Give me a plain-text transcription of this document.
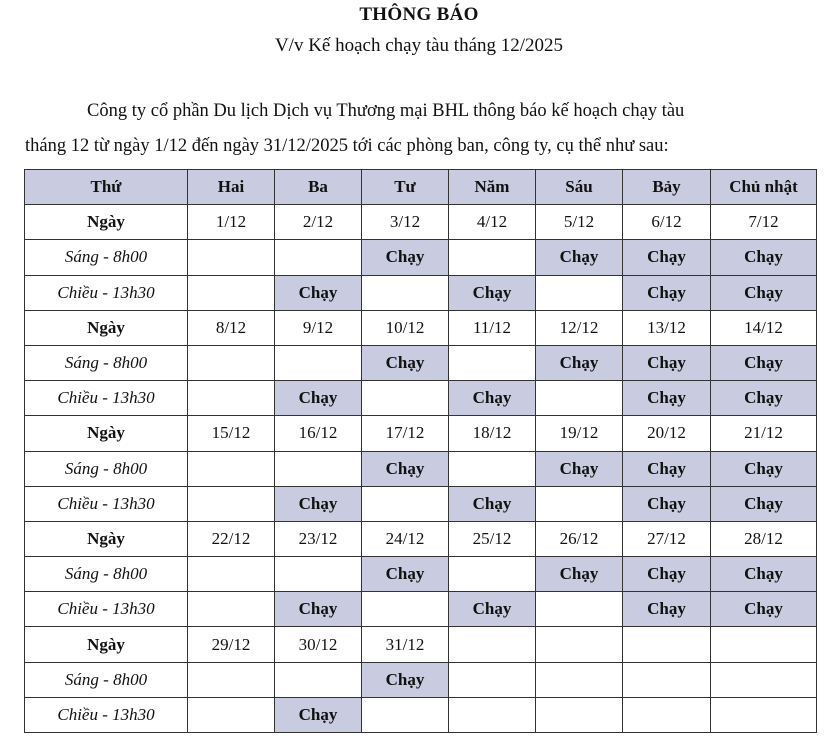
THÔNG BÁO
V/v Kế hoạch chạy tàu tháng 12/2025
Công ty cổ phần Du lịch Dịch vụ Thương mại BHL thông báo kế hoạch chạy tàu
tháng 12 từ ngày 1/12 đến ngày 31/12/2025 tới các phòng ban, công ty, cụ thể như sau:
Thứ	Hai	Ba	Tư	Năm	Sáu	Bảy	Chủ nhật
Ngày	1/12	2/12	3/12	4/12	5/12	6/12	7/12
Sáng - 8h00			Chạy		Chạy	Chạy	Chạy
Chiều - 13h30		Chạy		Chạy		Chạy	Chạy
Ngày	8/12	9/12	10/12	11/12	12/12	13/12	14/12
Sáng - 8h00			Chạy		Chạy	Chạy	Chạy
Chiều - 13h30		Chạy		Chạy		Chạy	Chạy
Ngày	15/12	16/12	17/12	18/12	19/12	20/12	21/12
Sáng - 8h00			Chạy		Chạy	Chạy	Chạy
Chiều - 13h30		Chạy		Chạy		Chạy	Chạy
Ngày	22/12	23/12	24/12	25/12	26/12	27/12	28/12
Sáng - 8h00			Chạy		Chạy	Chạy	Chạy
Chiều - 13h30		Chạy		Chạy		Chạy	Chạy
Ngày	29/12	30/12	31/12				
Sáng - 8h00			Chạy				
Chiều - 13h30		Chạy					
